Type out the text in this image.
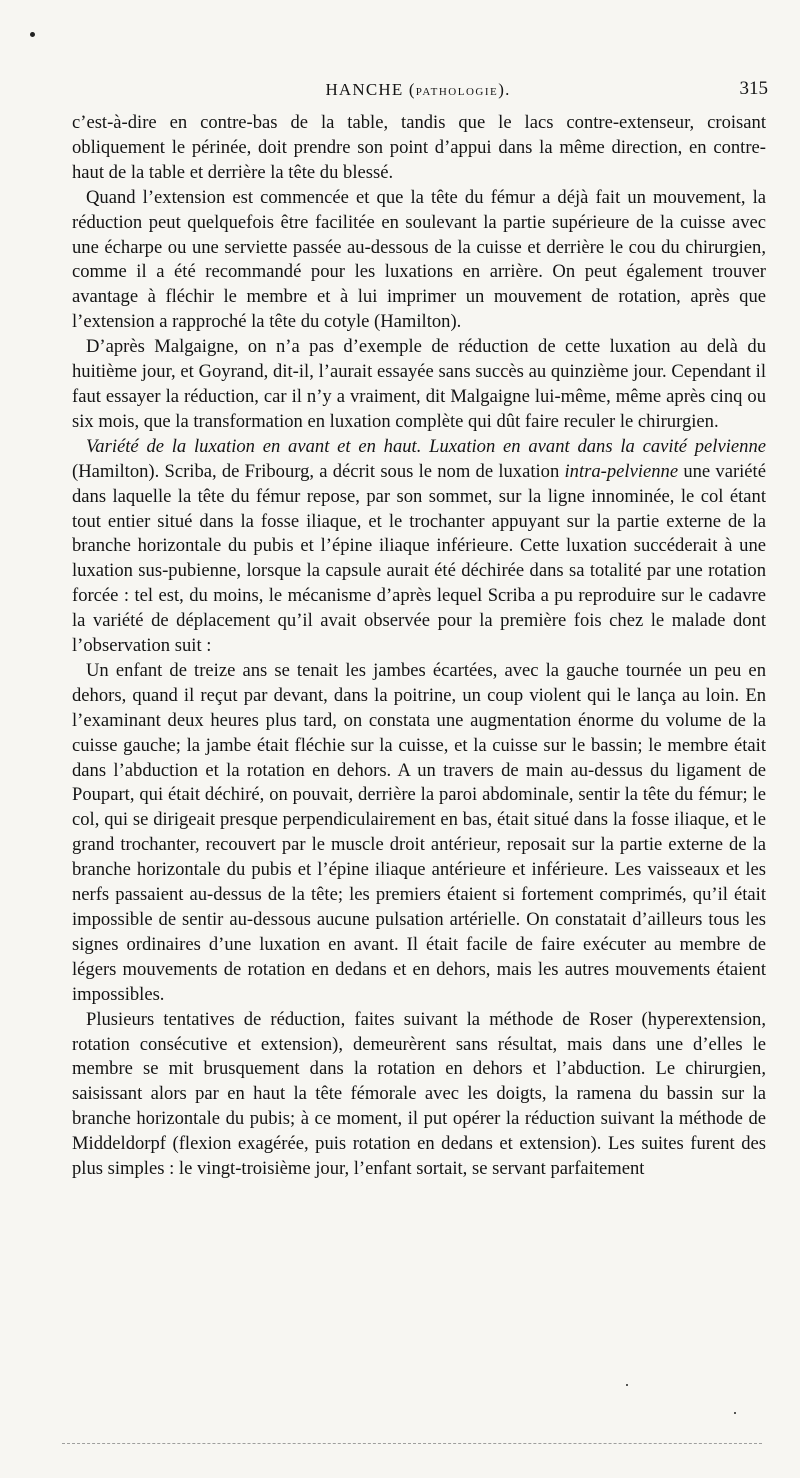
HANCHE (PATHOLOGIE).	315

c’est-à-dire en contre-bas de la table, tandis que le lacs contre-extenseur, croisant obliquement le périnée, doit prendre son point d’appui dans la même direction, en contre-haut de la table et derrière la tête du blessé.

Quand l’extension est commencée et que la tête du fémur a déjà fait un mouvement, la réduction peut quelquefois être facilitée en soulevant la partie supérieure de la cuisse avec une écharpe ou une serviette passée au-dessous de la cuisse et derrière le cou du chirurgien, comme il a été recommandé pour les luxations en arrière. On peut également trouver avantage à fléchir le membre et à lui imprimer un mouvement de rotation, après que l’extension a rapproché la tête du cotyle (Hamilton).

D’après Malgaigne, on n’a pas d’exemple de réduction de cette luxation au delà du huitième jour, et Goyrand, dit-il, l’aurait essayée sans succès au quinzième jour. Cependant il faut essayer la réduction, car il n’y a vraiment, dit Malgaigne lui-même, même après cinq ou six mois, que la transformation en luxation complète qui dût faire reculer le chirurgien.

Variété de la luxation en avant et en haut. Luxation en avant dans la cavité pelvienne (Hamilton). Scriba, de Fribourg, a décrit sous le nom de luxation intra-pelvienne une variété dans laquelle la tête du fémur repose, par son sommet, sur la ligne innominée, le col étant tout entier situé dans la fosse iliaque, et le trochanter appuyant sur la partie externe de la branche horizontale du pubis et l’épine iliaque inférieure. Cette luxation succéderait à une luxation sus-pubienne, lorsque la capsule aurait été déchirée dans sa totalité par une rotation forcée : tel est, du moins, le mécanisme d’après lequel Scriba a pu reproduire sur le cadavre la variété de déplacement qu’il avait observée pour la première fois chez le malade dont l’observation suit :

Un enfant de treize ans se tenait les jambes écartées, avec la gauche tournée un peu en dehors, quand il reçut par devant, dans la poitrine, un coup violent qui le lança au loin. En l’examinant deux heures plus tard, on constata une augmentation énorme du volume de la cuisse gauche; la jambe était fléchie sur la cuisse, et la cuisse sur le bassin; le membre était dans l’abduction et la rotation en dehors. A un travers de main au-dessus du ligament de Poupart, qui était déchiré, on pouvait, derrière la paroi abdominale, sentir la tête du fémur; le col, qui se dirigeait presque perpendiculairement en bas, était situé dans la fosse iliaque, et le grand trochanter, recouvert par le muscle droit antérieur, reposait sur la partie externe de la branche horizontale du pubis et l’épine iliaque antérieure et inférieure. Les vaisseaux et les nerfs passaient au-dessus de la tête; les premiers étaient si fortement comprimés, qu’il était impossible de sentir au-dessous aucune pulsation artérielle. On constatait d’ailleurs tous les signes ordinaires d’une luxation en avant. Il était facile de faire exécuter au membre de légers mouvements de rotation en dedans et en dehors, mais les autres mouvements étaient impossibles.

Plusieurs tentatives de réduction, faites suivant la méthode de Roser (hyperextension, rotation consécutive et extension), demeurèrent sans résultat, mais dans une d’elles le membre se mit brusquement dans la rotation en dehors et l’abduction. Le chirurgien, saisissant alors par en haut la tête fémorale avec les doigts, la ramena du bassin sur la branche horizontale du pubis; à ce moment, il put opérer la réduction suivant la méthode de Middeldorpf (flexion exagérée, puis rotation en dedans et extension). Les suites furent des plus simples : le vingt-troisième jour, l’enfant sortait, se servant parfaitement
